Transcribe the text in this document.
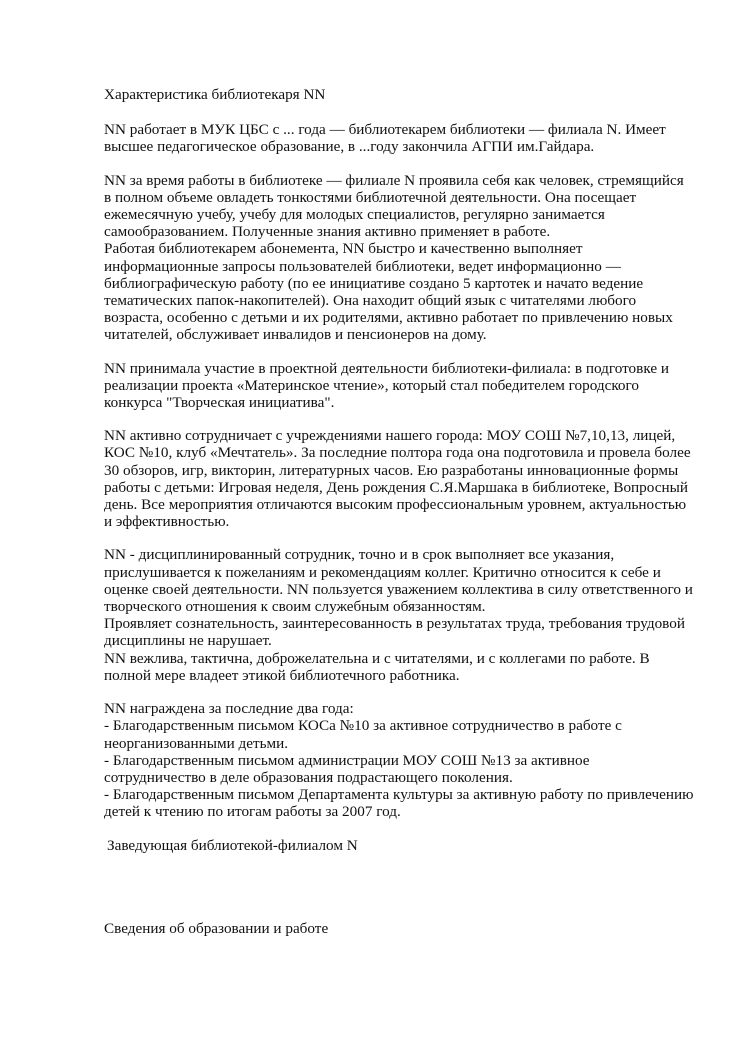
Характеристика библиотекаря NN
NN работает в МУК ЦБС с ... года — библиотекарем библиотеки — филиала N. Имеет высшее педагогическое образование, в ...году закончила АГПИ им.Гайдара.
NN за время работы в библиотеке — филиале N проявила себя как человек, стремящийся в полном объеме овладеть тонкостями библиотечной деятельности. Она посещает ежемесячную учебу, учебу для молодых специалистов, регулярно занимается самообразованием. Полученные знания активно применяет в работе.
Работая библиотекарем абонемента, NN быстро и качественно выполняет информационные запросы пользователей библиотеки, ведет информационно — библиографическую работу (по ее инициативе создано 5 картотек и начато ведение тематических папок-накопителей). Она находит общий язык с читателями любого возраста, особенно с детьми и их родителями, активно работает по привлечению новых читателей, обслуживает инвалидов и пенсионеров на дому.
NN принимала участие в проектной деятельности библиотеки-филиала: в подготовке и реализации проекта «Материнское чтение», который стал победителем городского конкурса "Творческая инициатива".
NN активно сотрудничает с учреждениями нашего города: МОУ СОШ №7,10,13, лицей, КОС №10, клуб «Мечтатель». За последние полтора года она подготовила и провела более 30 обзоров, игр, викторин, литературных часов. Ею разработаны инновационные формы работы с детьми: Игровая неделя, День рождения С.Я.Маршака в библиотеке, Вопросный день. Все мероприятия отличаются высоким профессиональным уровнем, актуальностью и эффективностью.
NN - дисциплинированный сотрудник, точно и в срок выполняет все указания, прислушивается к пожеланиям и рекомендациям коллег. Критично относится к себе и оценке своей деятельности. NN пользуется уважением коллектива в силу ответственного и творческого отношения к своим служебным обязанностям.
Проявляет сознательность, заинтересованность в результатах труда, требования трудовой дисциплины не нарушает.
NN вежлива, тактична, доброжелательна и с читателями, и с коллегами по работе. В полной мере владеет этикой библиотечного работника.
NN награждена за последние два года:
- Благодарственным письмом КОСа №10 за активное сотрудничество в работе с неорганизованными детьми.
- Благодарственным письмом администрации МОУ СОШ №13 за активное сотрудничество в деле образования подрастающего поколения.
- Благодарственным письмом Департамента культуры за активную работу по привлечению детей к чтению по итогам работы за 2007 год.
Заведующая библиотекой-филиалом N
Сведения об образовании и работе
